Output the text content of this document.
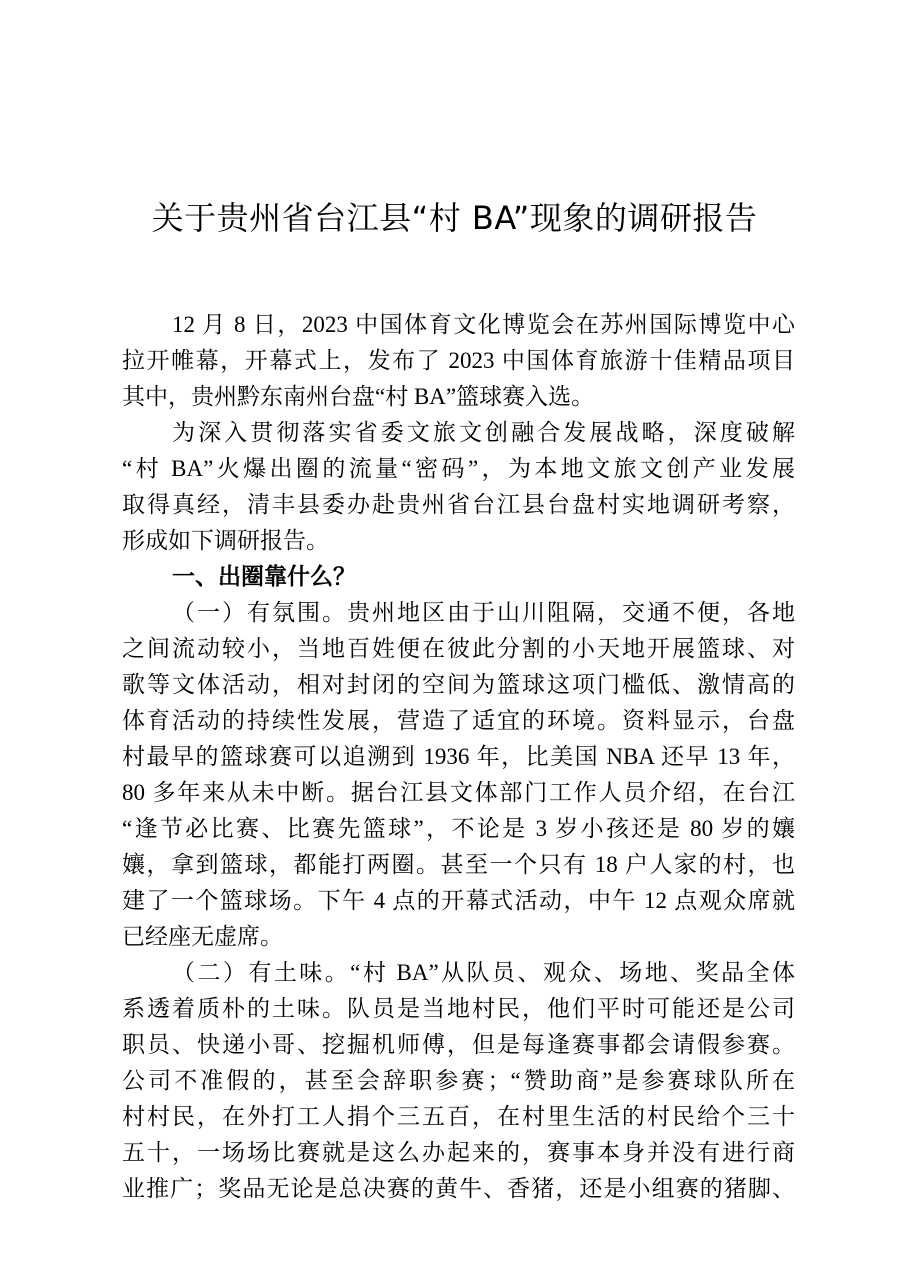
关于贵州省台江县“村 BA”现象的调研报告
12 月 8 日，2023 中国体育文化博览会在苏州国际博览中心
拉开帷幕，开幕式上，发布了 2023 中国体育旅游十佳精品项目
其中，贵州黔东南州台盘“村 BA”篮球赛入选。
为深入贯彻落实省委文旅文创融合发展战略，深度破解
“村 BA”火爆出圈的流量“密码”，为本地文旅文创产业发展
取得真经，清丰县委办赴贵州省台江县台盘村实地调研考察，
形成如下调研报告。
一、出圈靠什么？
（一）有氛围。贵州地区由于山川阻隔，交通不便，各地
之间流动较小，当地百姓便在彼此分割的小天地开展篮球、对
歌等文体活动，相对封闭的空间为篮球这项门槛低、激情高的
体育活动的持续性发展，营造了适宜的环境。资料显示，台盘
村最早的篮球赛可以追溯到 1936 年，比美国 NBA 还早 13 年，
80 多年来从未中断。据台江县文体部门工作人员介绍，在台江
“逢节必比赛、比赛先篮球”，不论是 3 岁小孩还是 80 岁的孃
孃，拿到篮球，都能打两圈。甚至一个只有 18 户人家的村，也
建了一个篮球场。下午 4 点的开幕式活动，中午 12 点观众席就
已经座无虚席。
（二）有土味。“村 BA”从队员、观众、场地、奖品全体
系透着质朴的土味。队员是当地村民，他们平时可能还是公司
职员、快递小哥、挖掘机师傅，但是每逢赛事都会请假参赛。
公司不准假的，甚至会辞职参赛；“赞助商”是参赛球队所在
村村民，在外打工人捐个三五百，在村里生活的村民给个三十
五十，一场场比赛就是这么办起来的，赛事本身并没有进行商
业推广；奖品无论是总决赛的黄牛、香猪，还是小组赛的猪脚、
